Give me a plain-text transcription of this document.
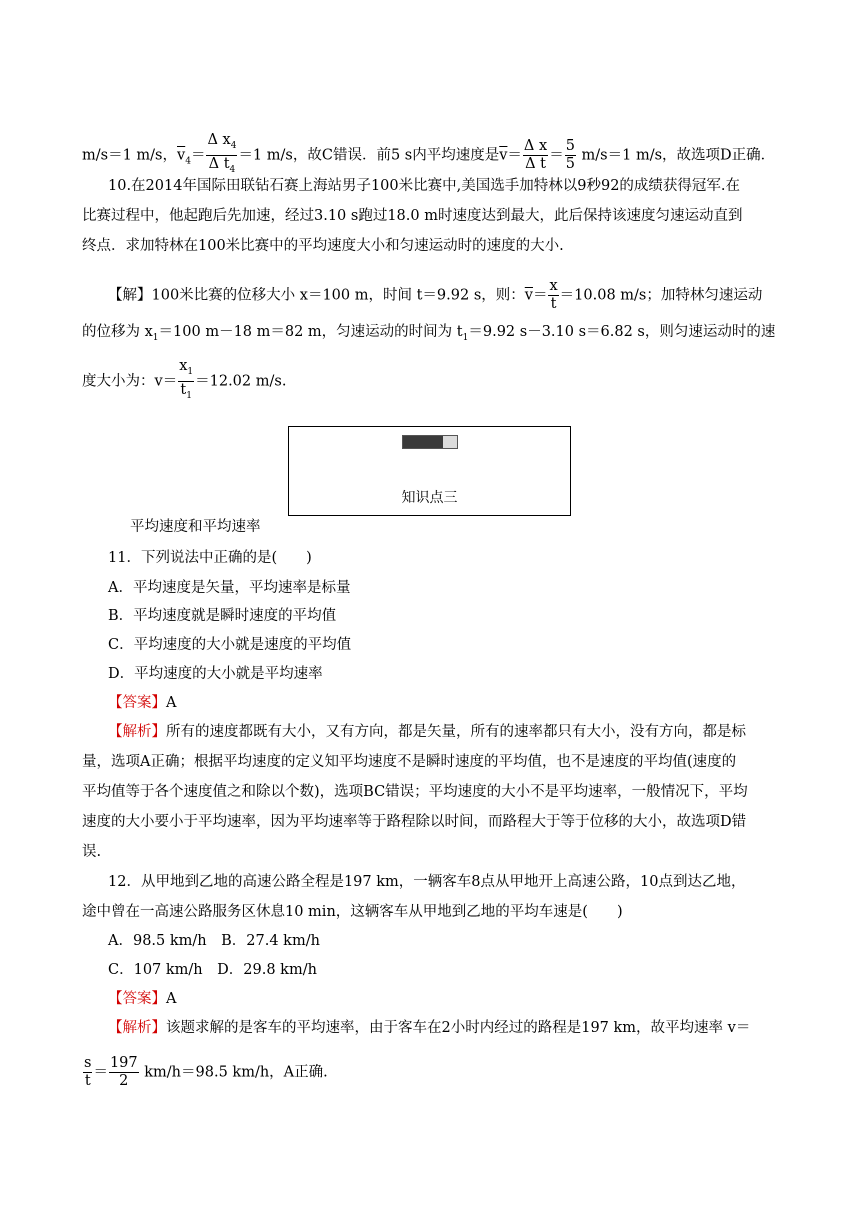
m/s＝1 m/s，$\overline{v}_4= \frac{\Delta x_4}{\Delta t_4} =1$ m/s，故C错误．前5 s内平均速度是$\overline{v}= \frac{\text{Δ x}}{\text{Δ t}} = \frac{5}{5} m/s=1$ m/s，故选项D正确．
10.在2014年国际田联钻石赛上海站男子100米比赛中,美国选手加特林以9秒92的成绩获得冠军.在
比赛过程中，他起跑后先加速，经过3.10 s跑过18.0 m时速度达到最大，此后保持该速度匀速运动直到
终点．求加特林在100米比赛中的平均速度大小和匀速运动时的速度的大小.
【解】100米比赛的位移大小 x＝100 m，时间 t＝9.92 s，则：$\overline{v}= \frac{x}{t} =10.08$ m/s；加特林匀速运动
的位移为 $x_1=100$ m－18 m＝82 m，匀速运动的时间为 $t_1=9.92$ s－3.10 s＝6.82 s，则匀速运动时的速
度大小为：$v= \frac{x_1}{t_1} =12.02$ m/s.
知识点三
平均速度和平均速率
11．下列说法中正确的是(　　)
A．平均速度是矢量，平均速率是标量
B．平均速度就是瞬时速度的平均值
C．平均速度的大小就是速度的平均值
D．平均速度的大小就是平均速率
【答案】A
【解析】所有的速度都既有大小，又有方向，都是矢量，所有的速率都只有大小，没有方向，都是标
量，选项A正确；根据平均速度的定义知平均速度不是瞬时速度的平均值，也不是速度的平均值(速度的
平均值等于各个速度值之和除以个数)，选项BC错误；平均速度的大小不是平均速率，一般情况下，平均
速度的大小要小于平均速率，因为平均速率等于路程除以时间，而路程大于等于位移的大小，故选项D错
误.
12．从甲地到乙地的高速公路全程是197 km，一辆客车8点从甲地开上高速公路，10点到达乙地，
途中曾在一高速公路服务区休息10 min，这辆客车从甲地到乙地的平均车速是(　　)
A．98.5 km/h　B．27.4 km/h
C．107 km/h　D．29.8 km/h
【答案】A
【解析】该题求解的是客车的平均速率，由于客车在2小时内经过的路程是197 km，故平均速率 v＝
$\frac{s}{t} = \frac{197}{2} km/h=98.5$ km/h，A正确.
